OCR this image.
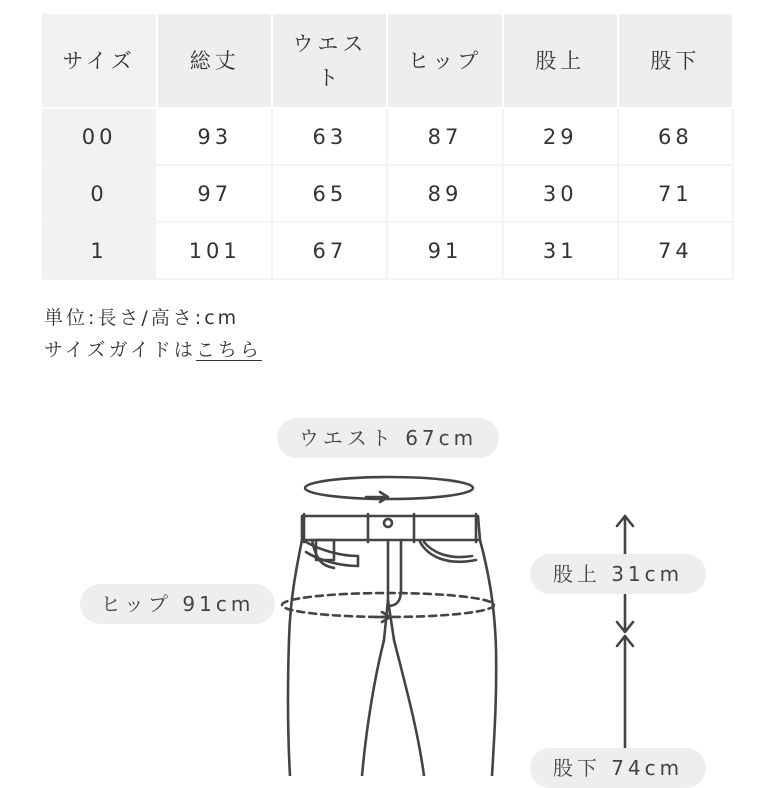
サイズ	総丈	ウエスト	ヒップ	股上	股下
00	93	63	87	29	68
0	97	65	89	30	71
1	101	67	91	31	74
単位:長さ/高さ:cm
サイズガイドはこちら
ウエスト 67cm
ヒップ 91cm
股上 31cm
股下 74cm
